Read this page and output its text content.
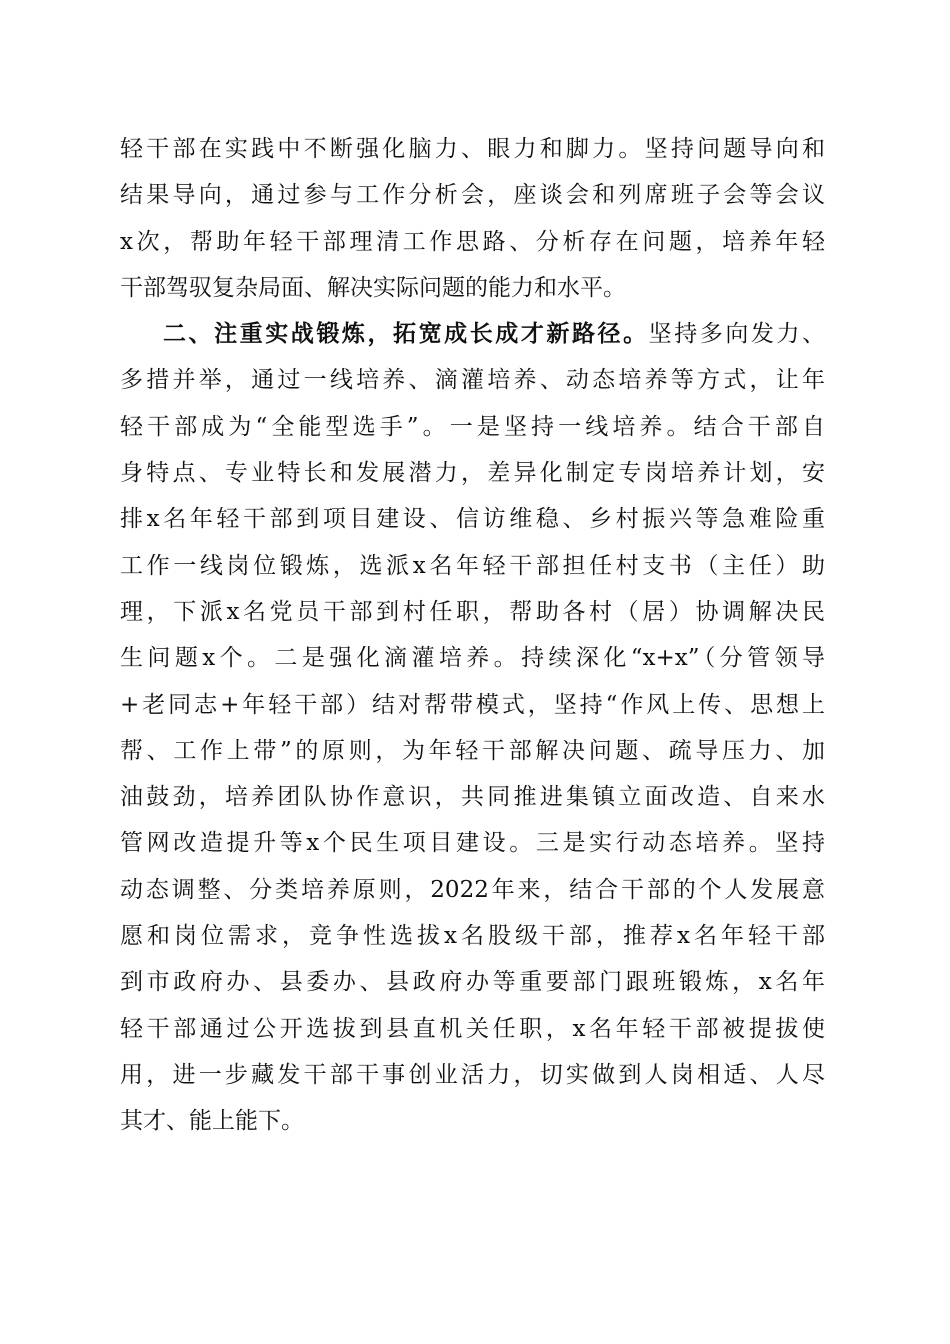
轻干部在实践中不断强化脑力、眼力和脚力。坚持问题导向和
结果导向，通过参与工作分析会，座谈会和列席班子会等会议
x次，帮助年轻干部理清工作思路、分析存在问题，培养年轻
干部驾驭复杂局面、解决实际问题的能力和水平。
二、注重实战锻炼，拓宽成长成才新路径。坚持多向发力、
多措并举，通过一线培养、滴灌培养、动态培养等方式，让年
轻干部成为“全能型选手”。一是坚持一线培养。结合干部自
身特点、专业特长和发展潜力，差异化制定专岗培养计划，安
排x名年轻干部到项目建设、信访维稳、乡村振兴等急难险重
工作一线岗位锻炼，选派x名年轻干部担任村支书（主任）助
理，下派x名党员干部到村任职，帮助各村（居）协调解决民
生问题x个。二是强化滴灌培养。持续深化“x+x”（分管领导
+老同志+年轻干部）结对帮带模式，坚持“作风上传、思想上
帮、工作上带”的原则，为年轻干部解决问题、疏导压力、加
油鼓劲，培养团队协作意识，共同推进集镇立面改造、自来水
管网改造提升等x个民生项目建设。三是实行动态培养。坚持
动态调整、分类培养原则，2022年来，结合干部的个人发展意
愿和岗位需求，竞争性选拔x名股级干部，推荐x名年轻干部
到市政府办、县委办、县政府办等重要部门跟班锻炼，x名年
轻干部通过公开选拔到县直机关任职，x名年轻干部被提拔使
用，进一步藏发干部干事创业活力，切实做到人岗相适、人尽
其才、能上能下。
